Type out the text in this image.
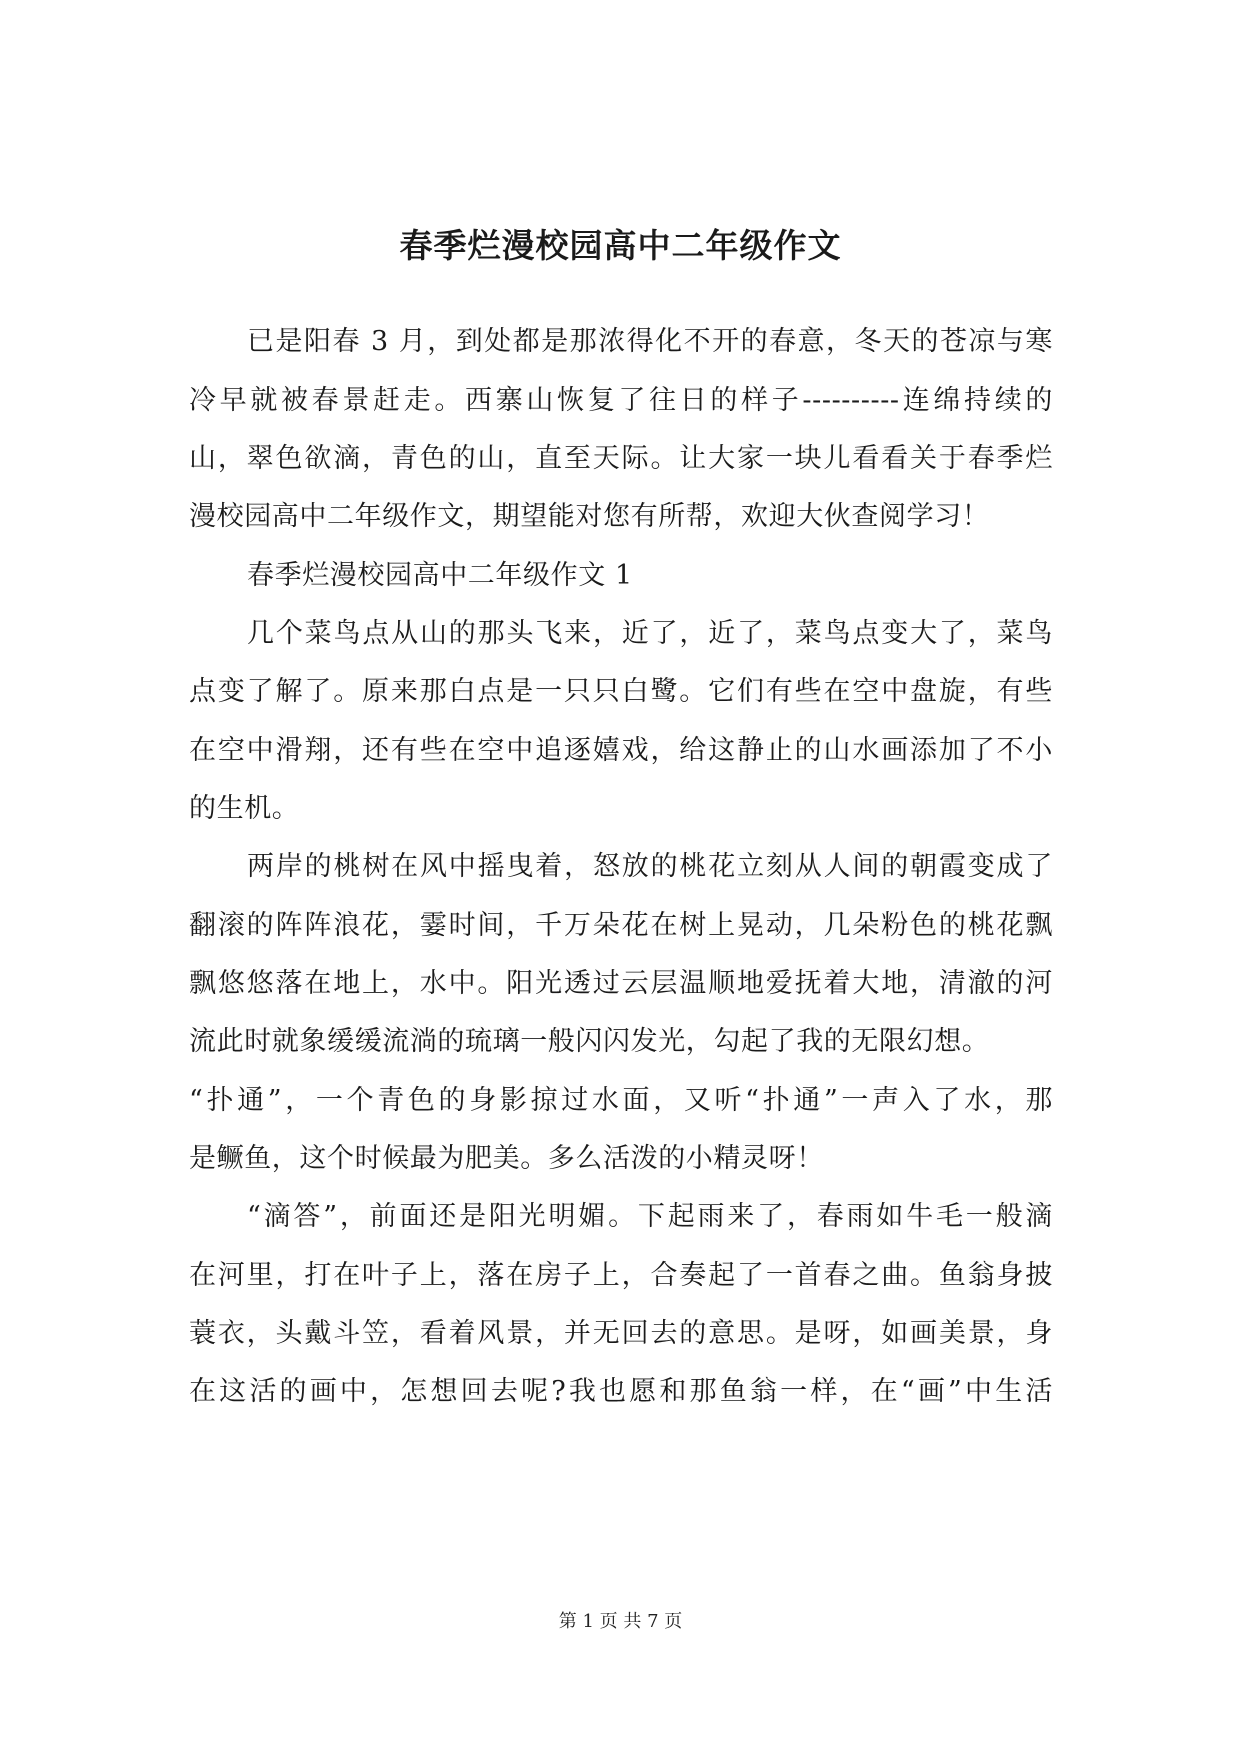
春季烂漫校园高中二年级作文

已是阳春 3 月，到处都是那浓得化不开的春意，冬天的苍凉与寒

冷早就被春景赶走。西寨山恢复了往日的样子----------连绵持续的

山，翠色欲滴，青色的山，直至天际。让大家一块儿看看关于春季烂

漫校园高中二年级作文，期望能对您有所帮，欢迎大伙查阅学习！

春季烂漫校园高中二年级作文 1

几个菜鸟点从山的那头飞来，近了，近了，菜鸟点变大了，菜鸟

点变了解了。原来那白点是一只只白鹭。它们有些在空中盘旋，有些

在空中滑翔，还有些在空中追逐嬉戏，给这静止的山水画添加了不小

的生机。

两岸的桃树在风中摇曳着，怒放的桃花立刻从人间的朝霞变成了

翻滚的阵阵浪花，霎时间，千万朵花在树上晃动，几朵粉色的桃花飘

飘悠悠落在地上，水中。阳光透过云层温顺地爱抚着大地，清澈的河

流此时就象缓缓流淌的琉璃一般闪闪发光，勾起了我的无限幻想。

“扑通”，一个青色的身影掠过水面，又听“扑通”一声入了水，那

是鳜鱼，这个时候最为肥美。多么活泼的小精灵呀！

“滴答”，前面还是阳光明媚。下起雨来了，春雨如牛毛一般滴

在河里，打在叶子上，落在房子上，合奏起了一首春之曲。鱼翁身披

蓑衣，头戴斗笠，看着风景，并无回去的意思。是呀，如画美景，身

在这活的画中，怎想回去呢?我也愿和那鱼翁一样，在“画”中生活

第 1 页 共 7 页
